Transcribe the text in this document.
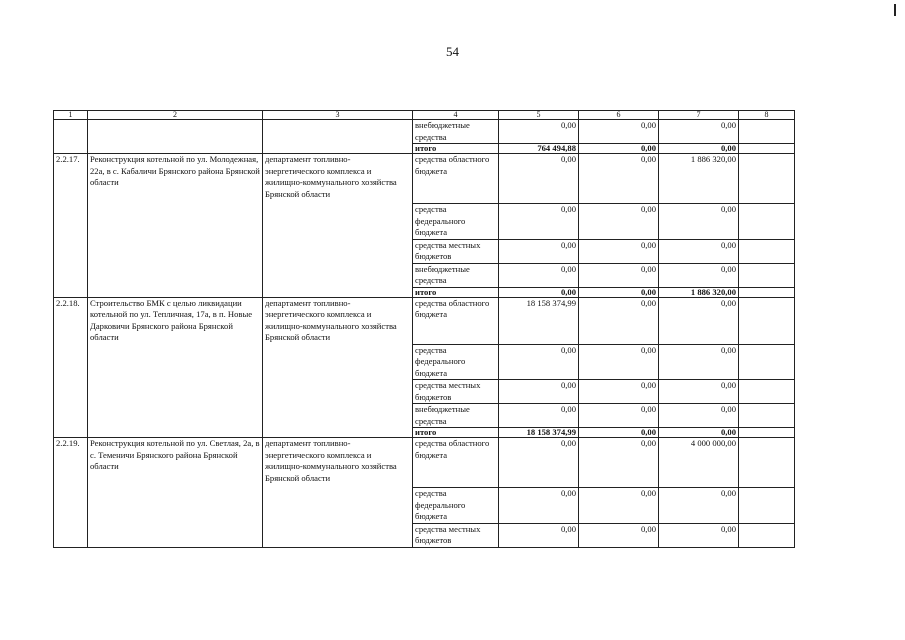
54
1	2	3	4	5	6	7	8
			внебюджетные средства	0,00	0,00	0,00	
			итого	764 494,88	0,00	0,00	
2.2.17.	Реконструкция котельной по ул. Молодежная, 22а, в с. Кабаличи Брянского района Брянской области	департамент топливно-энергетического комплекса и жилищно-коммунального хозяйства Брянской области	средства областного бюджета	0,00	0,00	1 886 320,00	
			средства федерального бюджета	0,00	0,00	0,00	
			средства местных бюджетов	0,00	0,00	0,00	
			внебюджетные средства	0,00	0,00	0,00	
			итого	0,00	0,00	1 886 320,00	
2.2.18.	Строительство БМК с целью ликвидации котельной по ул. Тепличная, 17а, в п. Новые Дарковичи Брянского района Брянской области	департамент топливно-энергетического комплекса и жилищно-коммунального хозяйства Брянской области	средства областного бюджета	18 158 374,99	0,00	0,00	
			средства федерального бюджета	0,00	0,00	0,00	
			средства местных бюджетов	0,00	0,00	0,00	
			внебюджетные средства	0,00	0,00	0,00	
			итого	18 158 374,99	0,00	0,00	
2.2.19.	Реконструкция котельной по ул. Светлая, 2а, в с. Теменичи Брянского района Брянской области	департамент топливно-энергетического комплекса и жилищно-коммунального хозяйства Брянской области	средства областного бюджета	0,00	0,00	4 000 000,00	
			средства федерального бюджета	0,00	0,00	0,00	
			средства местных бюджетов	0,00	0,00	0,00	
